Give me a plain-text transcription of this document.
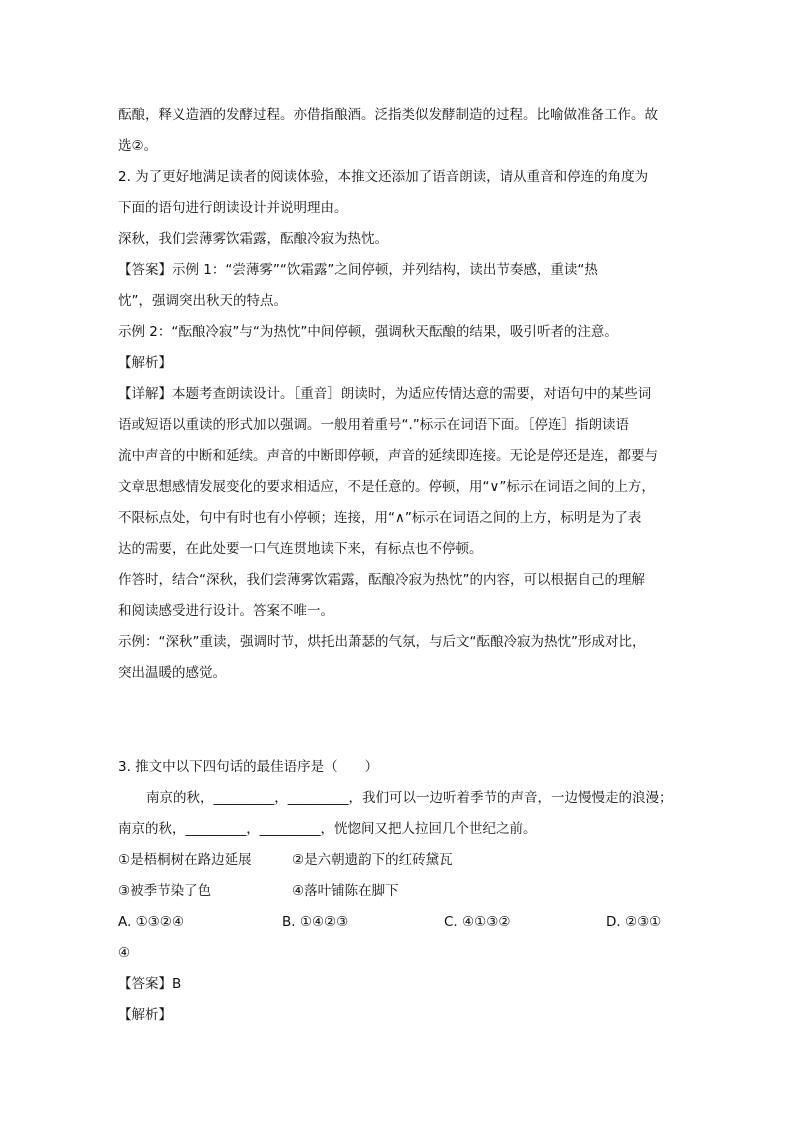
酝酿，释义造酒的发酵过程。亦借指酿酒。泛指类似发酵制造的过程。比喻做准备工作。故
选②。
2. 为了更好地满足读者的阅读体验，本推文还添加了语音朗读，请从重音和停连的角度为
下面的语句进行朗读设计并说明理由。
深秋，我们尝薄雾饮霜露，酝酿冷寂为热忱。
【答案】示例 1：“尝薄雾”“饮霜露”之间停顿，并列结构，读出节奏感，重读“热
忱”，强调突出秋天的特点。
示例 2：“酝酿冷寂”与“为热忱”中间停顿，强调秋天酝酿的结果，吸引听者的注意。
【解析】
【详解】本题考查朗读设计。［重音］朗读时，为适应传情达意的需要，对语句中的某些词
语或短语以重读的形式加以强调。一般用着重号“.”标示在词语下面。［停连］指朗读语
流中声音的中断和延续。声音的中断即停顿，声音的延续即连接。无论是停还是连，都要与
文章思想感情发展变化的要求相适应，不是任意的。停顿，用“∨”标示在词语之间的上方，
不限标点处，句中有时也有小停顿；连接，用“∧”标示在词语之间的上方，标明是为了表
达的需要，在此处要一口气连贯地读下来，有标点也不停顿。
作答时，结合“深秋，我们尝薄雾饮霜露，酝酿冷寂为热忱”的内容，可以根据自己的理解
和阅读感受进行设计。答案不唯一。
示例：“深秋”重读，强调时节，烘托出萧瑟的气氛，与后文“酝酿冷寂为热忱”形成对比，
突出温暖的感觉。
3. 推文中以下四句话的最佳语序是（　　）
南京的秋，_________，_________，我们可以一边听着季节的声音，一边慢慢走的浪漫；
南京的秋，_________，_________，恍惚间又把人拉回几个世纪之前。
①是梧桐树在路边延展	②是六朝遗韵下的红砖黛瓦
③被季节染了色	④落叶铺陈在脚下
A. ①③②④	B. ①④②③	C. ④①③②	D. ②③①
④
【答案】B
【解析】
